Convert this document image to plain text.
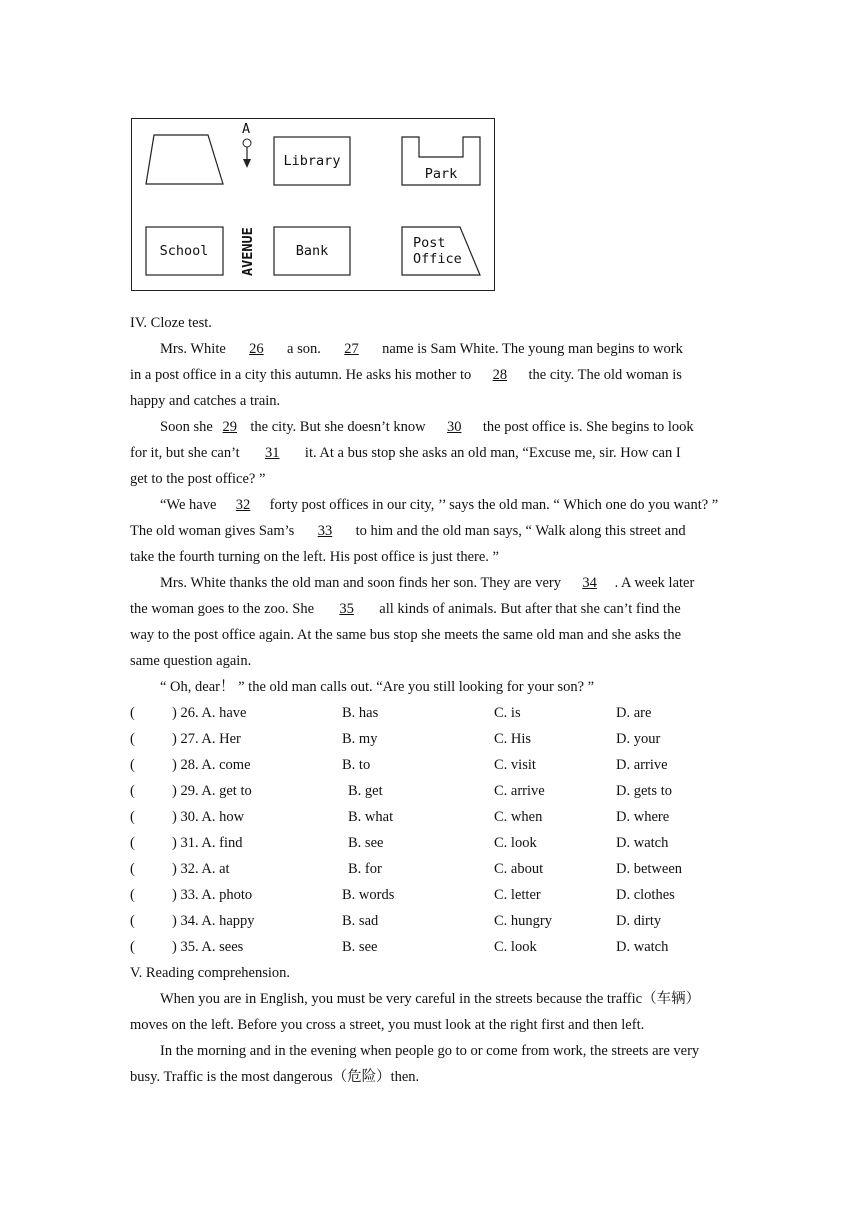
A
Library
Park
School AVENUE	Bank	Post
Office
IV. Cloze test.
Mrs. White 26 a son. 27 name is Sam White. The young man begins to work
in a post office in a city this autumn. He asks his mother to 28 the city. The old woman is
happy and catches a train.
Soon she 29 the city. But she doesn’t know 30 the post office is. She begins to look
for it, but she can’t 31 it. At a bus stop she asks an old man, “Excuse me, sir. How can I
get to the post office? ”
“We have 32 forty post offices in our city, ’’ says the old man. “ Which one do you want? ”
The old woman gives Sam’s 33 to him and the old man says, “ Walk along this street and
take the fourth turning on the left. His post office is just there. ”
Mrs. White thanks the old man and soon finds her son. They are very 34 . A week later
the woman goes to the zoo. She 35 all kinds of animals. But after that she can’t find the
way to the post office again. At the same bus stop she meets the same old man and she asks the
same question again.
“ Oh, dear！ ” the old man calls out. “Are you still looking for your son? ”
(	) 26. A. have	B. has	C. is	D. are
(	) 27. A. Her	B. my	C. His	D. your
(	) 28. A. come	B. to	C. visit	D. arrive
(	) 29. A. get to	B. get	C. arrive	D. gets to
(	) 30. A. how	B. what	C. when	D. where
(	) 31. A. find	B. see	C. look	D. watch
(	) 32. A. at	B. for	C. about	D. between
(	) 33. A. photo	B. words	C. letter	D. clothes
(	) 34. A. happy	B. sad	C. hungry	D. dirty
(	) 35. A. sees	B. see	C. look	D. watch
V. Reading comprehension.
When you are in English, you must be very careful in the streets because the traffic（车辆）
moves on the left. Before you cross a street, you must look at the right first and then left.
In the morning and in the evening when people go to or come from work, the streets are very
busy. Traffic is the most dangerous（危险）then.
